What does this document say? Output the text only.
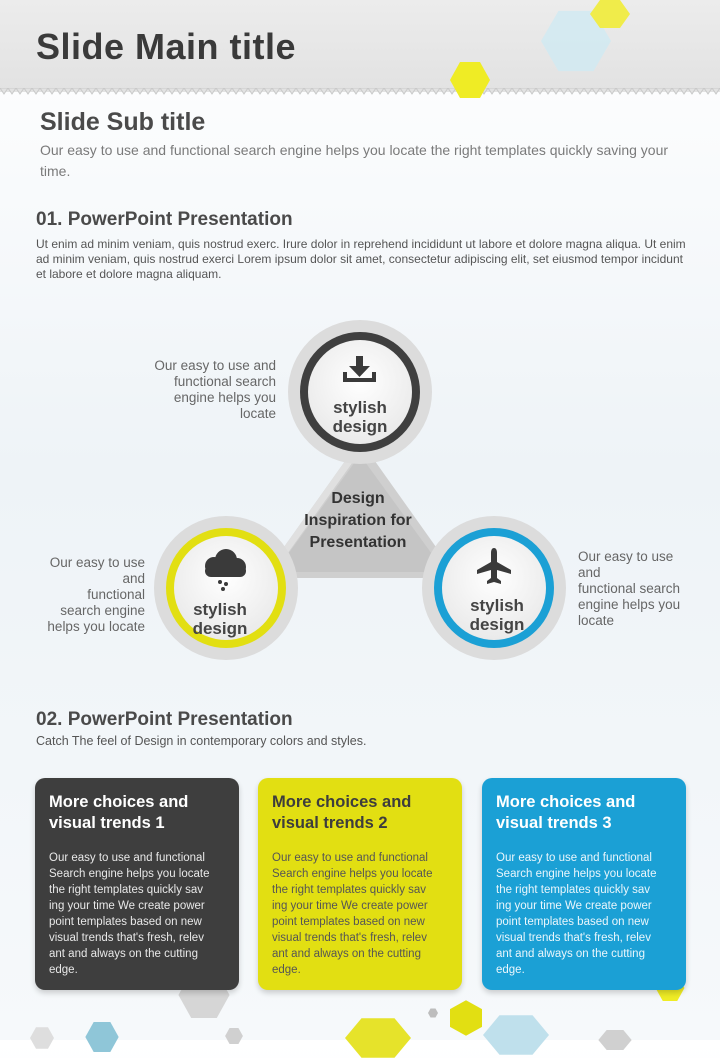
Slide Main title
Slide Sub title

Our easy to use and functional search engine helps you locate the right templates quickly saving your time.

01. PowerPoint Presentation

Ut enim ad minim veniam, quis nostrud exerc. Irure dolor in reprehend incididunt ut labore et dolore magna aliqua. Ut enim ad minim veniam, quis nostrud exerci Lorem ipsum dolor sit amet, consectetur adipiscing elit, set eiusmod tempor incidunt et labore et dolore magna aliquam.

stylish
design
stylish
design
stylish
design
Design
Inspiration for
Presentation
Our easy to use and
functional search
engine helps you
locate
Our easy to use
and
functional
search engine
helps you locate
Our easy to use
and
functional search
engine helps you
locate
02. PowerPoint Presentation

Catch The feel of Design in contemporary colors and styles.

More choices and
visual trends 1

Our easy to use and functional
Search engine helps you locate
the right templates quickly sav
ing your time We create power
point templates based on new
visual trends that's fresh, relev
ant and always on the cutting
edge.

More choices and
visual trends 2

Our easy to use and functional
Search engine helps you locate
the right templates quickly sav
ing your time We create power
point templates based on new
visual trends that's fresh, relev
ant and always on the cutting
edge.

More choices and
visual trends 3

Our easy to use and functional
Search engine helps you locate
the right templates quickly sav
ing your time We create power
point templates based on new
visual trends that's fresh, relev
ant and always on the cutting
edge.
